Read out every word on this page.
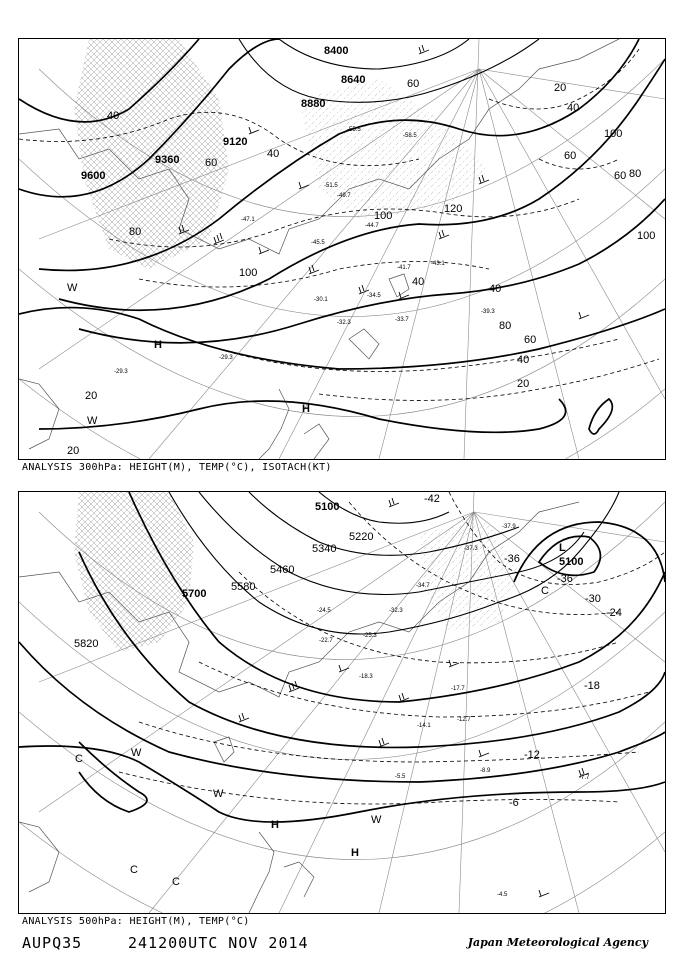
8400
8640
8880
9120
9360
9600
20
20
20
20
40
40
40
40
40
40
60
60
60
60
60
80
80
80
100
100
100
100
120
H
H
W
W
-29.3
-29.3
-30.1
-32.3	-33.7
-34.5
-39.3
-41.7
-43.1
-44.7
-45.5
-47.1
-49.7
-51.5
-55.5
-58.5
ANALYSIS 300hPa: HEIGHT(M), TEMP(°C), ISOTACH(KT)
5100
5100
5220
5340
5460
5580
5700
5820
-42
-36
-36
-30
-24
-18
-12
-6
L
H
H
W
W
W
C
C
C
C
-4.5
-5.5	-7.7
-8.9
-12.7
-14.1
-17.7
-18.3
-22.7
-24.5
-25.3
-32.3
-34.7
-37.3
-37.9
ANALYSIS 500hPa: HEIGHT(M), TEMP(°C)
AUPQ35	241200UTC NOV 2014	Japan Meteorological Agency
